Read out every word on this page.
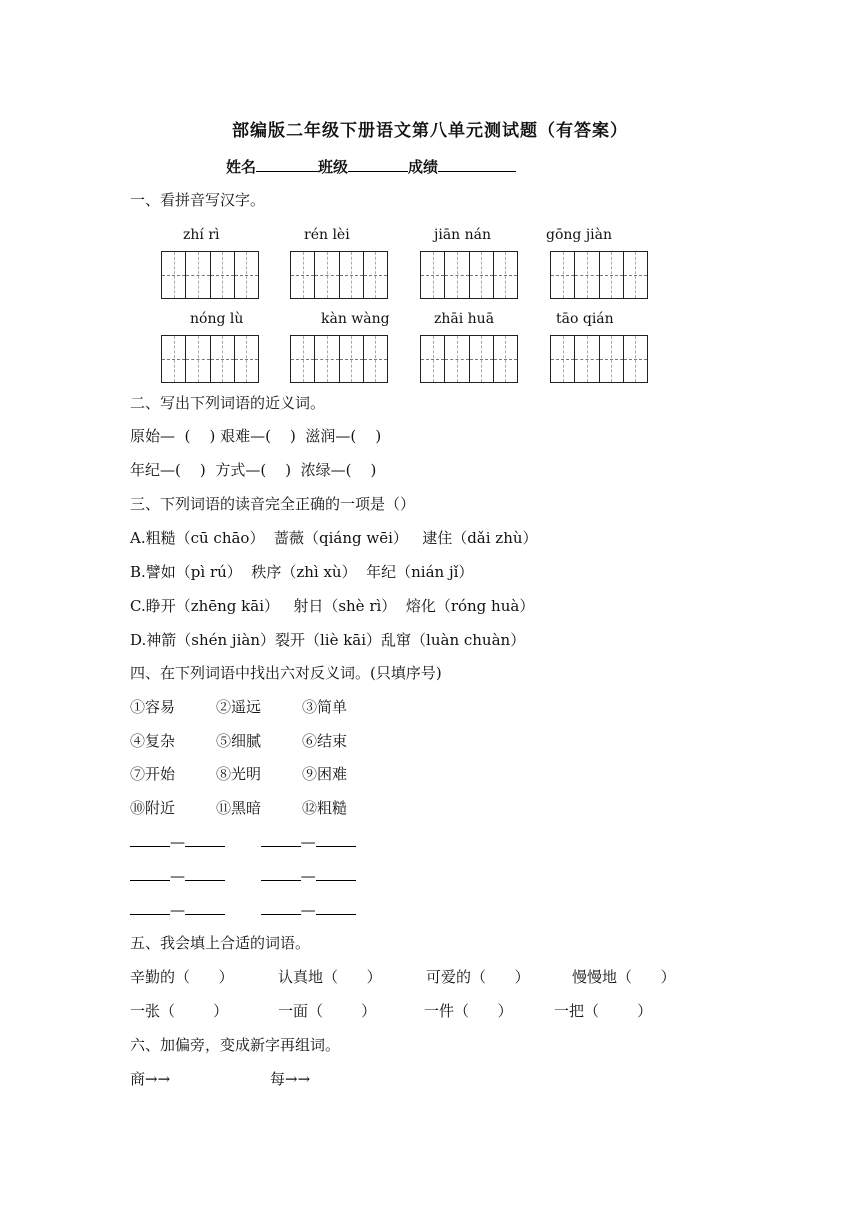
部编版二年级下册语文第八单元测试题（有答案）
姓名	班级	成绩
一、看拼音写汉字。
zhí rì	rén lèi	jiān nán	gōng jiàn
nóng lù	kàn wàng	zhāi huā	tāo qián
二、写出下列词语的近义词。
原始—  (    ) 艰难—(    )  滋润—(    )
年纪—(    )  方式—(    )  浓绿—(    )
三、下列词语的读音完全正确的一项是（）
A.粗糙（cū chāo）  蔷薇（qiáng wēi）   逮住（dǎi zhù）
B.譬如（pì rú）  秩序（zhì xù）  年纪（nián jǐ）
C.睁开（zhēng kāi）   射日（shè rì）  熔化（róng huà）
D.神箭（shén jiàn）裂开（liè kāi）乱窜（luàn chuàn）
四、在下列词语中找出六对反义词。(只填序号)
①容易	②遥远	③简单
④复杂	⑤细腻	⑥结束
⑦开始	⑧光明	⑨困难
⑩附近	⑪黑暗	⑫粗糙
—	—
—	—
—	—
五、我会填上合适的词语。
辛勤的（      ）	认真地（      ）	可爱的（      ）	慢慢地（      ）
一张（        ）	一面（        ）	一件（      ）	一把（        ）
六、加偏旁，变成新字再组词。
商→→	每→→
